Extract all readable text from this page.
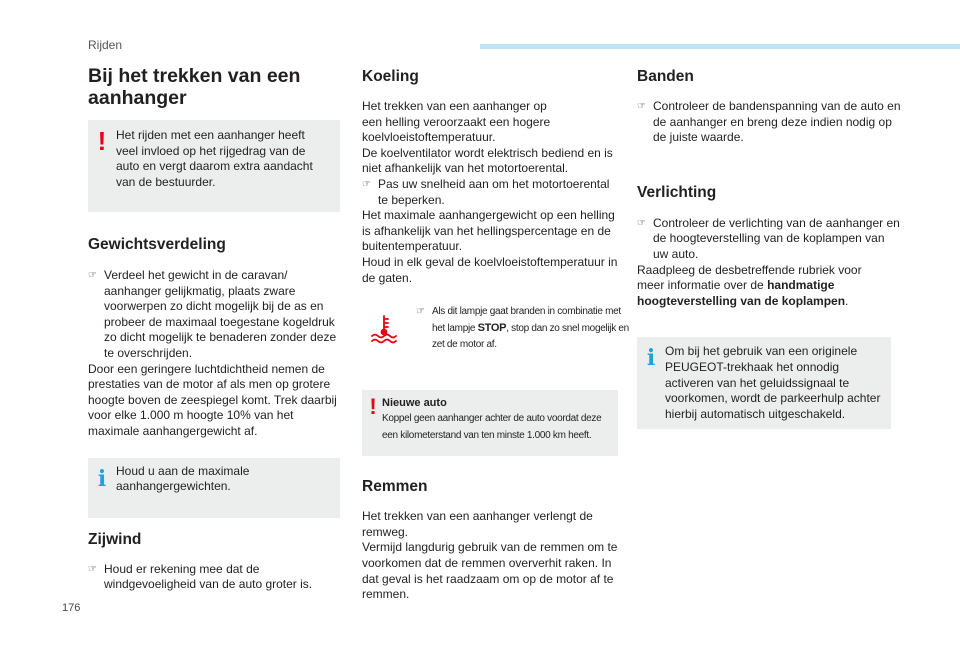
Rijden
176
Bij het trekken van een aanhanger
! Het rijden met een aanhanger heeft veel invloed op het rijgedrag van de auto en vergt daarom extra aandacht van de bestuurder.

Gewichtsverdeling

☞ Verdeel het gewicht in de caravan/ aanhanger gelijkmatig, plaats zware voorwerpen zo dicht mogelijk bij de as en probeer de maximaal toegestane kogeldruk zo dicht mogelijk te benaderen zonder deze te overschrijden.

Door een geringere luchtdichtheid nemen de prestaties van de motor af als men op grotere hoogte boven de zeespiegel komt. Trek daarbij voor elke 1.000 m hoogte 10% van het maximale aanhangergewicht af.

i Houd u aan de maximale aanhangergewichten.

Zijwind

☞ Houd er rekening mee dat de windgevoeligheid van de auto groter is.

Koeling

Het trekken van een aanhanger op een helling veroorzaakt een hogere koelvloeistoftemperatuur.

De koelventilator wordt elektrisch bediend en is niet afhankelijk van het motortoerental.

☞ Pas uw snelheid aan om het motortoerental te beperken.

Het maximale aanhangergewicht op een helling is afhankelijk van het hellingspercentage en de buitentemperatuur.

Houd in elk geval de koelvloeistoftemperatuur in de gaten.

☞ Als dit lampje gaat branden in combinatie met het lampje STOP, stop dan zo snel mogelijk en zet de motor af.

! Nieuwe auto

Koppel geen aanhanger achter de auto voordat deze een kilometerstand van ten minste 1.000 km heeft.

Remmen

Het trekken van een aanhanger verlengt de remweg.

Vermijd langdurig gebruik van de remmen om te voorkomen dat de remmen oververhit raken. In dat geval is het raadzaam om op de motor af te remmen.

Banden

☞ Controleer de bandenspanning van de auto en de aanhanger en breng deze indien nodig op de juiste waarde.

Verlichting

☞ Controleer de verlichting van de aanhanger en de hoogteverstelling van de koplampen van uw auto.

Raadpleeg de desbetreffende rubriek voor meer informatie over de handmatige hoogteverstelling van de koplampen.

i Om bij het gebruik van een originele PEUGEOT-trekhaak het onnodig activeren van het geluidssignaal te voorkomen, wordt de parkeerhulp achter hierbij automatisch uitgeschakeld.
